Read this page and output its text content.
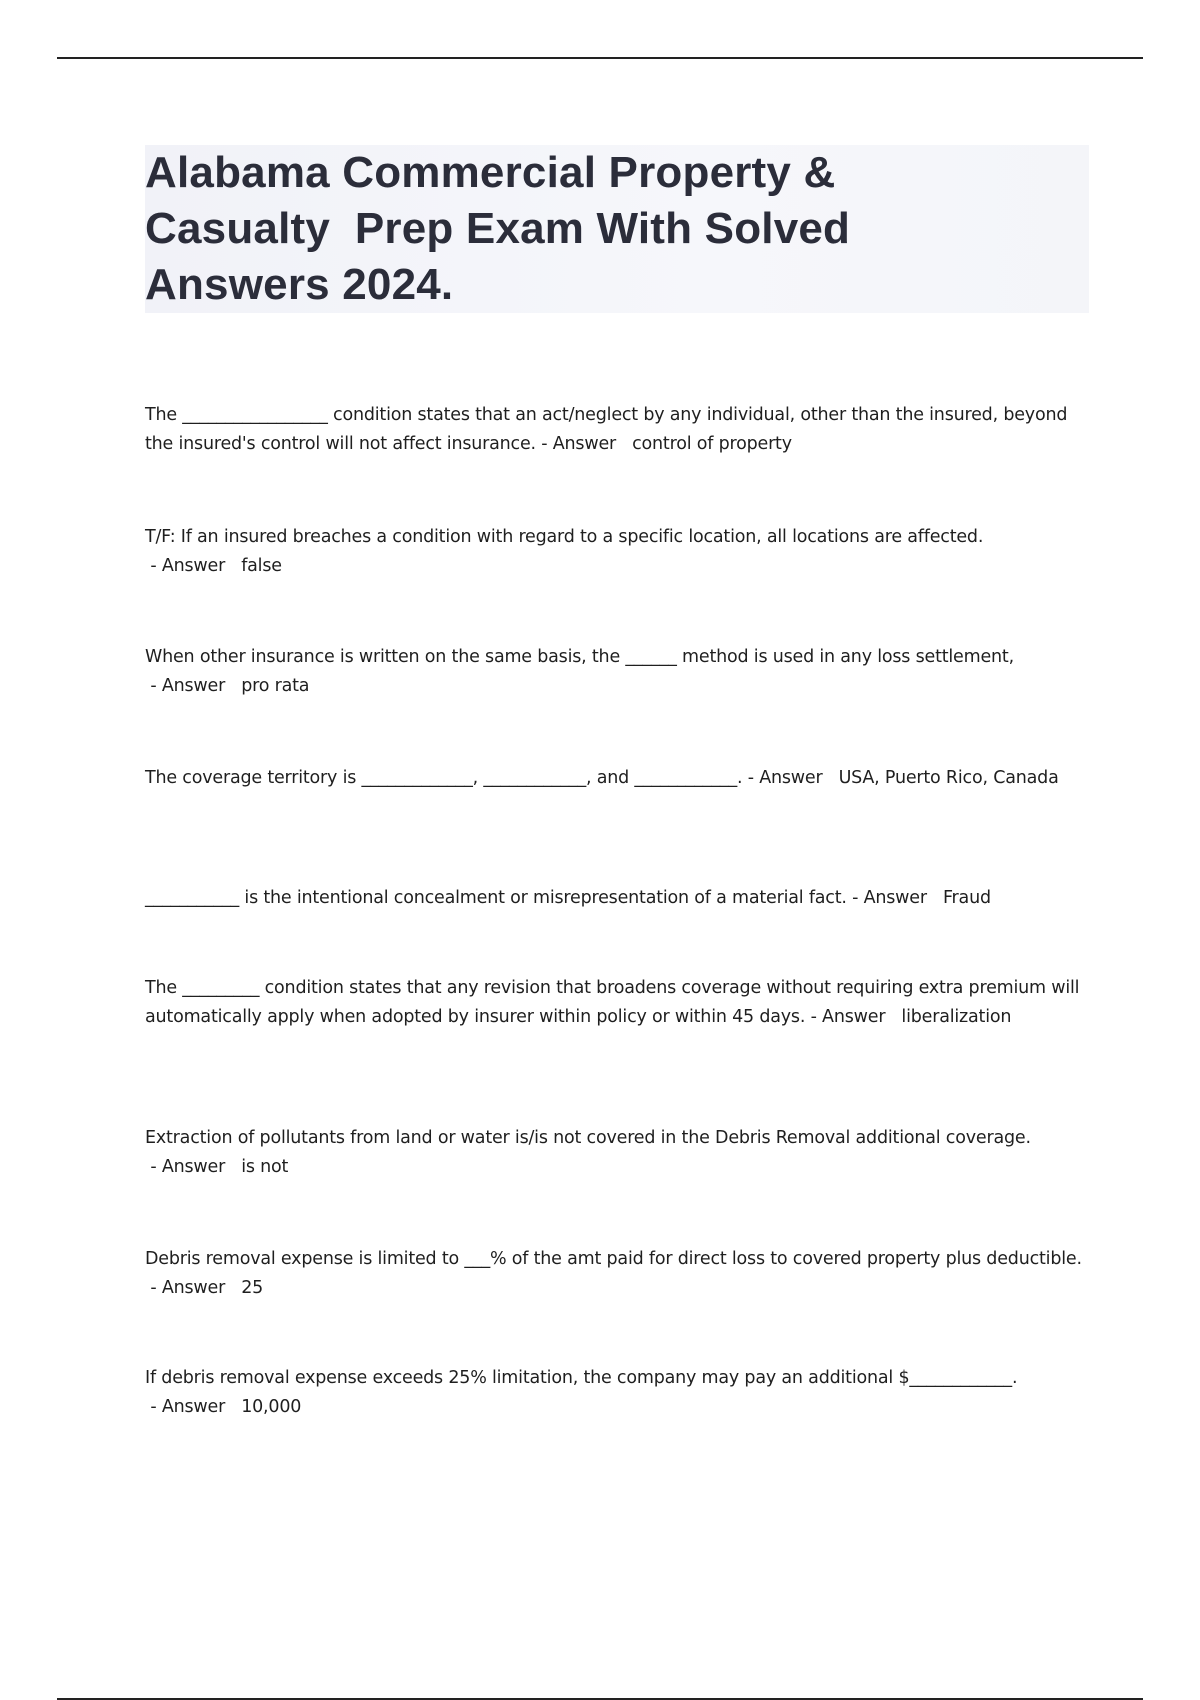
Alabama Commercial Property &
Casualty  Prep Exam With Solved
Answers 2024.
The _________________ condition states that an act/neglect by any individual, other than the insured, beyond the insured's control will not affect insurance. - Answer   control of property
T/F: If an insured breaches a condition with regard to a specific location, all locations are affected. - Answer   false
When other insurance is written on the same basis, the ______ method is used in any loss settlement, - Answer   pro rata
The coverage territory is _____________, ____________, and ____________. - Answer   USA, Puerto Rico, Canada
___________ is the intentional concealment or misrepresentation of a material fact. - Answer   Fraud
The _________ condition states that any revision that broadens coverage without requiring extra premium will automatically apply when adopted by insurer within policy or within 45 days. - Answer   liberalization
Extraction of pollutants from land or water is/is not covered in the Debris Removal additional coverage. - Answer   is not
Debris removal expense is limited to ___% of the amt paid for direct loss to covered property plus deductible. - Answer   25
If debris removal expense exceeds 25% limitation, the company may pay an additional $____________. - Answer   10,000
